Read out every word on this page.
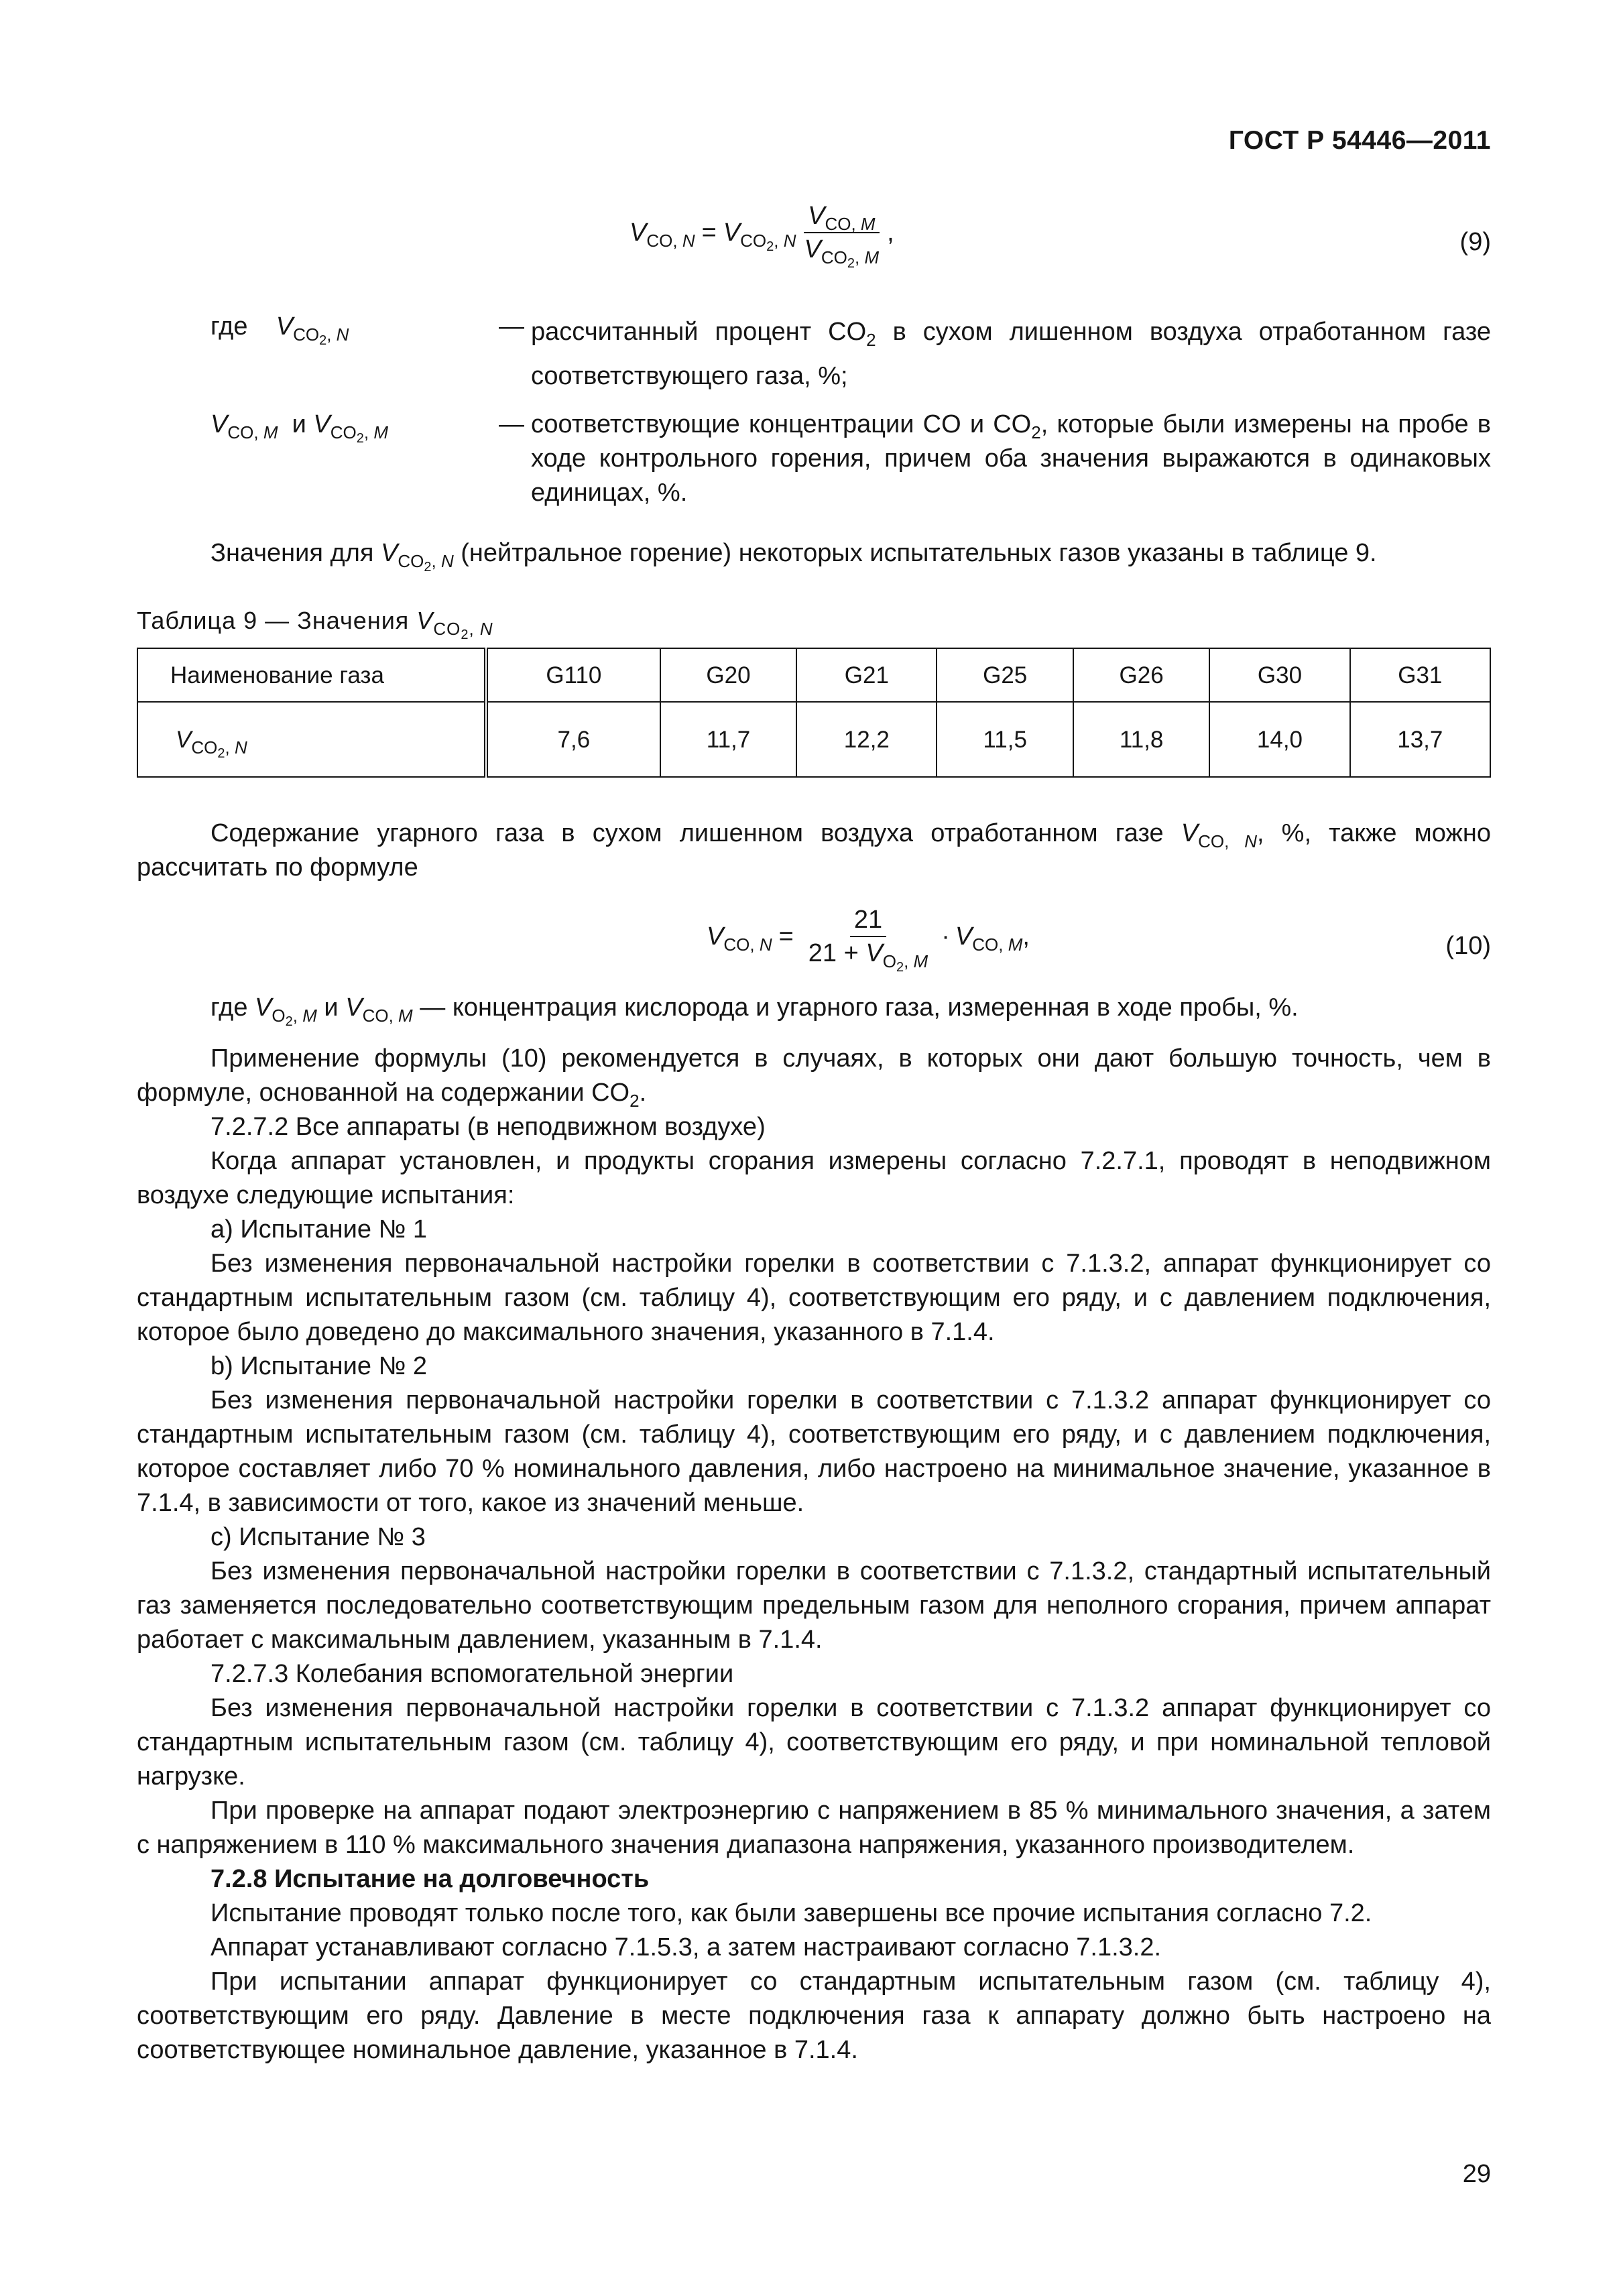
ГОСТ Р 54446—2011
$V_{CO, N} = V_{CO_2, N} \frac{V_{CO, M}}{V_{CO_2, M}}$ ,	(9)
где $V_{CO_2, N}$	— рассчитанный процент $CO_2$ в сухом лишенном воздуха отработанном газе соответствующего газа, %;
$V_{CO, M}$ и $V_{CO_2, M}$	— соответствующие концентрации CO и $CO_2$, которые были измерены на пробе в ходе контрольного горения, причем оба значения выражаются в одинаковых единицах, %.

Значения для $V_{CO_2, N}$ (нейтральное горение) некоторых испытательных газов указаны в таблице 9.

Таблица 9 — Значения $V_{CO_2, N}$
Наименование газа	G110	G20	G21	G25	G26	G30	G31
$V_{CO_2, N}$	7,6	11,7	12,2	11,5	11,8	14,0	13,7

Содержание угарного газа в сухом лишенном воздуха отработанном газе $V_{CO, N}$, %, также можно рассчитать по формуле

$V_{CO, N} = \frac{21}{21 + V_{O_2, M}} \cdot V_{CO, M}$ ,	(10)

где $V_{O_2, M}$ и $V_{CO, M}$ — концентрация кислорода и угарного газа, измеренная в ходе пробы, %.

Применение формулы (10) рекомендуется в случаях, в которых они дают большую точность, чем в формуле, основанной на содержании $CO_2$.

7.2.7.2 Все аппараты (в неподвижном воздухе)

Когда аппарат установлен, и продукты сгорания измерены согласно 7.2.7.1, проводят в неподвижном воздухе следующие испытания:

а) Испытание № 1

Без изменения первоначальной настройки горелки в соответствии с 7.1.3.2, аппарат функционирует со стандартным испытательным газом (см. таблицу 4), соответствующим его ряду, и с давлением подключения, которое было доведено до максимального значения, указанного в 7.1.4.

b) Испытание № 2

Без изменения первоначальной настройки горелки в соответствии с 7.1.3.2 аппарат функционирует со стандартным испытательным газом (см. таблицу 4), соответствующим его ряду, и с давлением подключения, которое составляет либо 70 % номинального давления, либо настроено на минимальное значение, указанное в 7.1.4, в зависимости от того, какое из значений меньше.

c) Испытание № 3

Без изменения первоначальной настройки горелки в соответствии с 7.1.3.2, стандартный испытательный газ заменяется последовательно соответствующим предельным газом для неполного сгорания, причем аппарат работает с максимальным давлением, указанным в 7.1.4.

7.2.7.3 Колебания вспомогательной энергии

Без изменения первоначальной настройки горелки в соответствии с 7.1.3.2 аппарат функционирует со стандартным испытательным газом (см. таблицу 4), соответствующим его ряду, и при номинальной тепловой нагрузке.

При проверке на аппарат подают электроэнергию с напряжением в 85 % минимального значения, а затем с напряжением в 110 % максимального значения диапазона напряжения, указанного производителем.

7.2.8 Испытание на долговечность

Испытание проводят только после того, как были завершены все прочие испытания согласно 7.2.

Аппарат устанавливают согласно 7.1.5.3, а затем настраивают согласно 7.1.3.2.

При испытании аппарат функционирует со стандартным испытательным газом (см. таблицу 4), соответствующим его ряду. Давление в месте подключения газа к аппарату должно быть настроено на соответствующее номинальное давление, указанное в 7.1.4.

29
